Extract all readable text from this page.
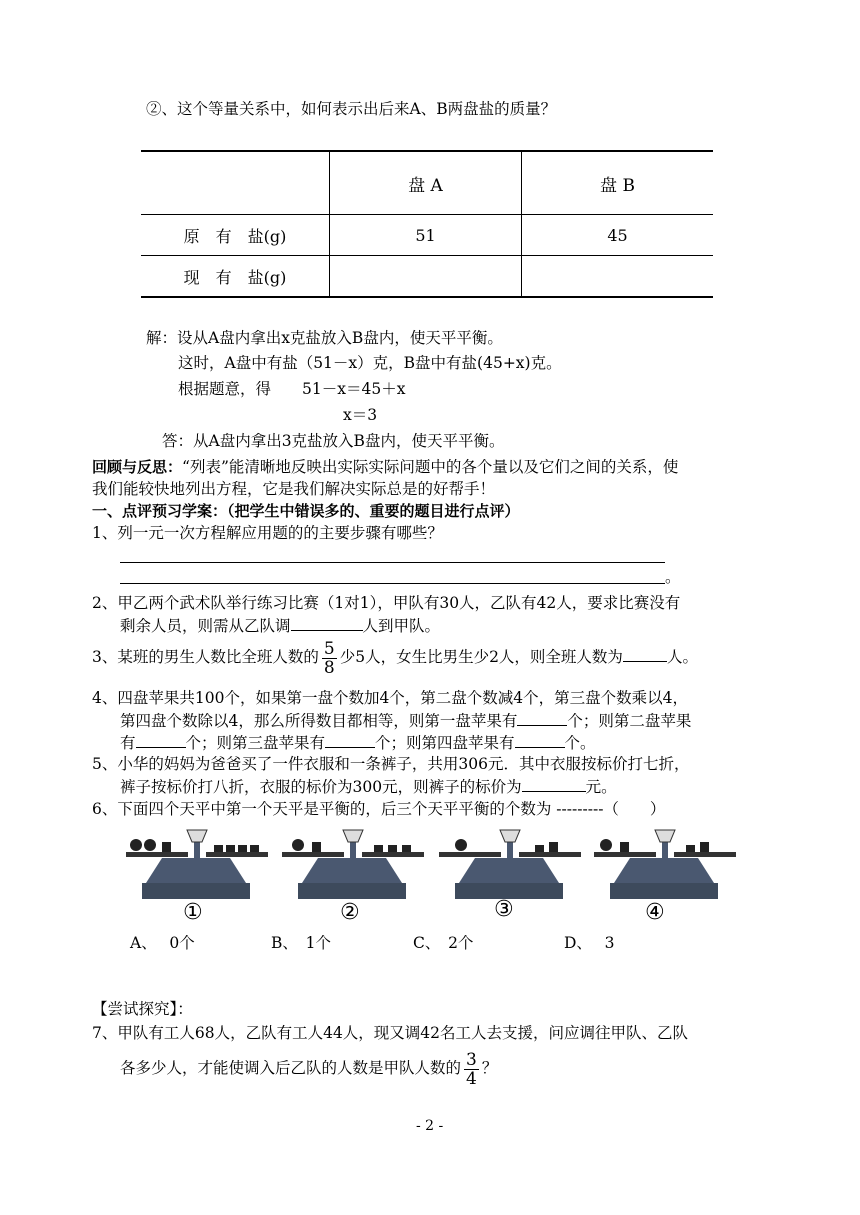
②、这个等量关系中，如何表示出后来A、B两盘盐的质量？
	盘 A	盘 B
原　有　盐(g)	51	45
现　有　盐(g)		
解：设从A盘内拿出x克盐放入B盘内，使天平平衡。
这时，A盘中有盐（51－x）克，B盘中有盐(45+x)克。
根据题意，得　　51－x＝45＋x
x＝3
答：从A盘内拿出3克盐放入B盘内，使天平平衡。
回顾与反思：“列表”能清晰地反映出实际实际问题中的各个量以及它们之间的关系，使
我们能较快地列出方程，它是我们解决实际总是的好帮手！
一、点评预习学案：（把学生中错误多的、重要的题目进行点评）
1、列一元一次方程解应用题的的主要步骤有哪些？
。
2、甲乙两个武术队举行练习比赛（1对1），甲队有30人，乙队有42人，要求比赛没有
剩余人员，则需从乙队调	人到甲队。
3、某班的男生人数比全班人数的 $\frac{5}{8}$ 少5人，女生比男生少2人，则全班人数为	人。
4、四盘苹果共100个，如果第一盘个数加4个，第二盘个数减4个，第三盘个数乘以4，
第四盘个数除以4，那么所得数目都相等，则第一盘苹果有	个；则第二盘苹果
有	个；则第三盘苹果有	个；则第四盘苹果有	个。
5、小华的妈妈为爸爸买了一件衣服和一条裤子，共用306元．其中衣服按标价打七折，
裤子按标价打八折，衣服的标价为300元，则裤子的标价为	元。
6、下面四个天平中第一个天平是平衡的，后三个天平平衡的个数为 ---------（　　）
①	②	③	④
A、　 0个	B、　1个	C、　2个	D、　 3
【尝试探究】：
7、甲队有工人68人，乙队有工人44人，现又调42名工人去支援，问应调往甲队、乙队
各多少人，才能使调入后乙队的人数是甲队人数的 $\frac{3}{4}$ ？
- 2 -
